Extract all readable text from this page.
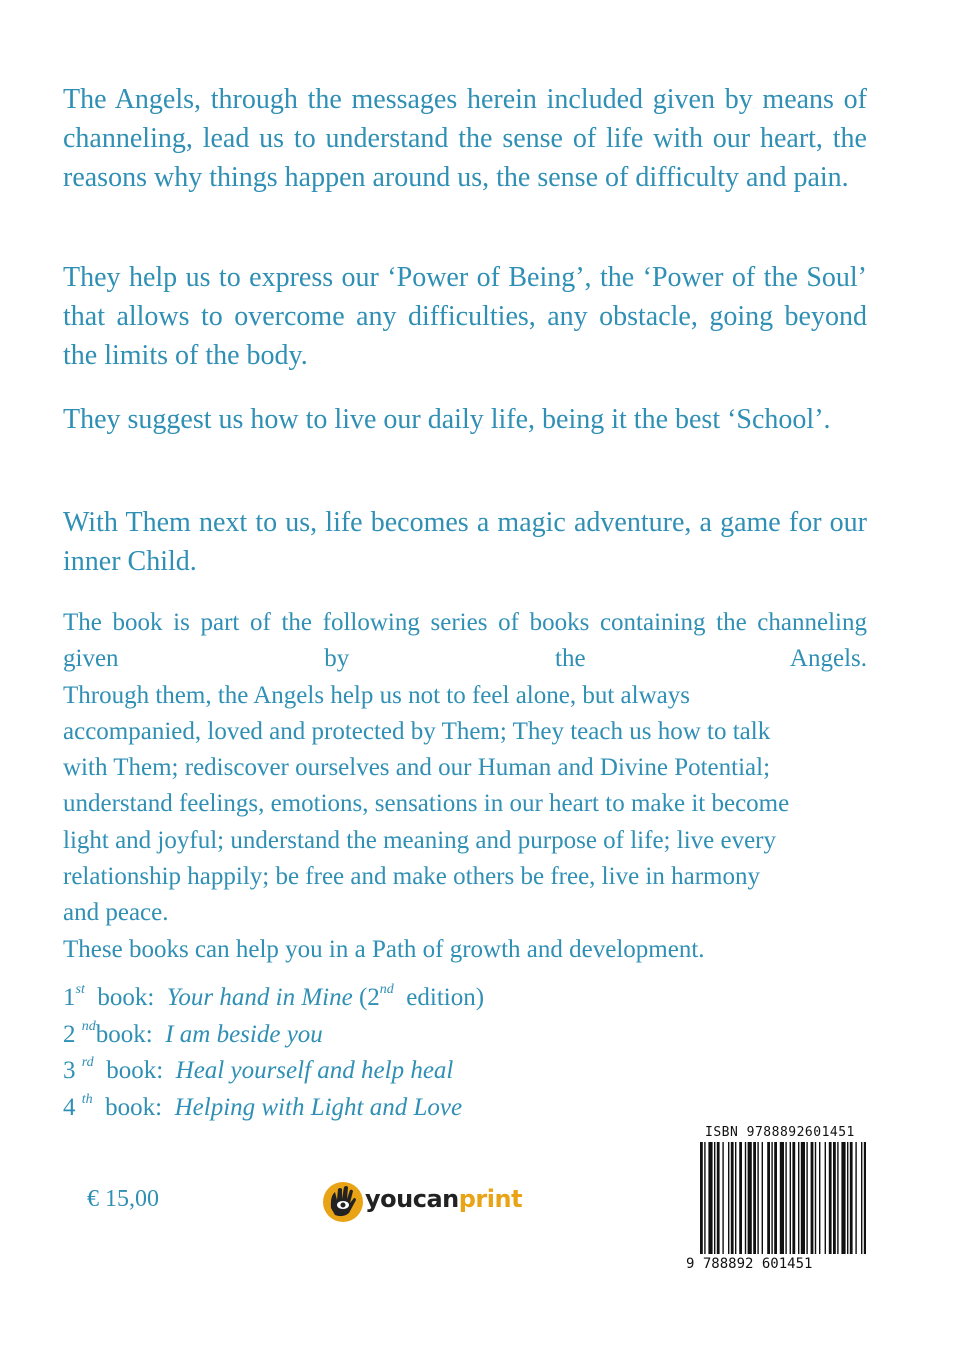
The Angels, through the messages herein included given by means of channeling, lead us to understand the sense of life with our heart, the reasons why things happen around us, the sense of difficulty and pain.

They help us to express our ‘Power of Being’, the ‘Power of the Soul’ that allows to overcome any difficulties, any obstacle, going beyond the limits of the body.

They suggest us how to live our daily life, being it the best ‘School’.

With Them next to us, life becomes a magic adventure, a game for our inner Child.

The book is part of the following series of books containing the channeling given by the Angels.

Through them, the Angels help us not to feel alone, but always

accompanied, loved and protected by Them; They teach us how to talk

with Them; rediscover ourselves and our Human and Divine Potential;

understand feelings, emotions, sensations in our heart to make it become

light and joyful; understand the meaning and purpose of life; live every

relationship happily; be free and make others be free, live in harmony

and peace.

These books can help you in a Path of growth and development.

1st book: Your hand in Mine (2nd edition)
2 $^{nd}$book: I am beside you
3 $^{rd}$ book: Heal yourself and help heal
4 $^{th}$ book: Helping with Light and Love
€ 15,00	youcanprint
ISBN 9788892601451
9 788892 601451
